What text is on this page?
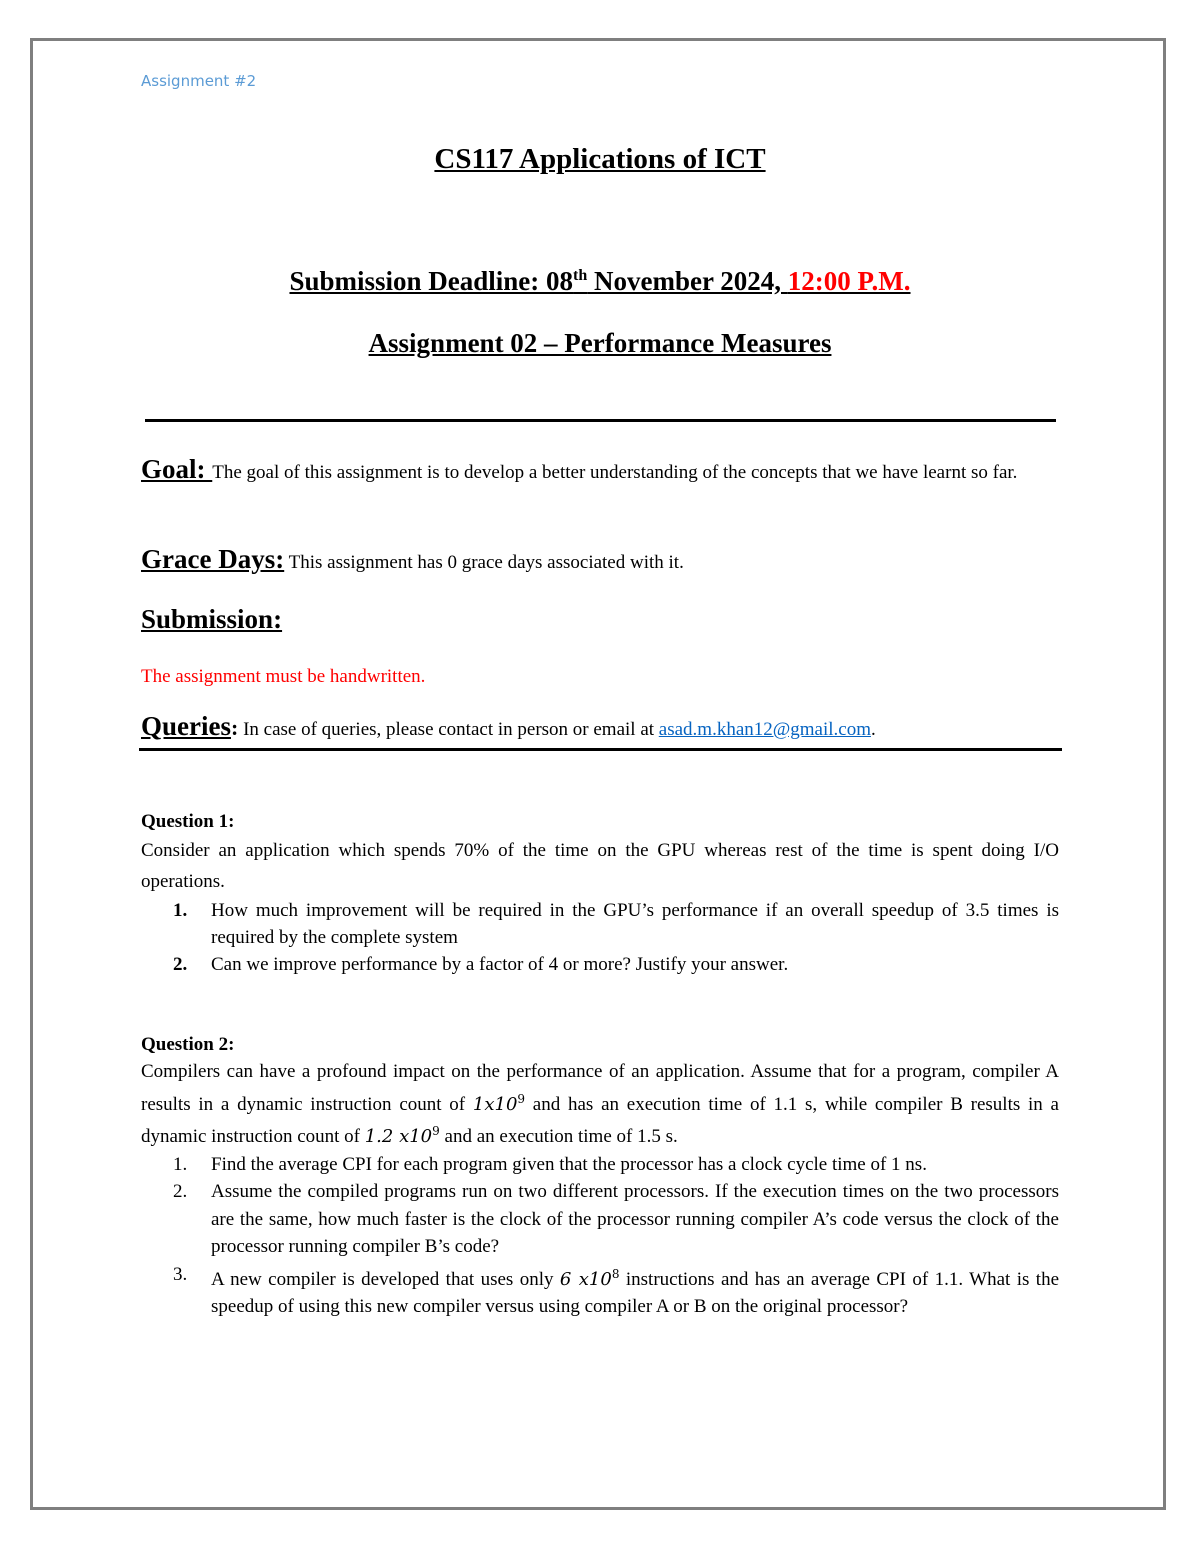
Assignment #2
CS117 Applications of ICT
Submission Deadline: 08th November 2024, 12:00 P.M.
Assignment 02 – Performance Measures
Goal: The goal of this assignment is to develop a better understanding of the concepts that we have learnt so far.
Grace Days: This assignment has 0 grace days associated with it.
Submission:
The assignment must be handwritten.
Queries: In case of queries, please contact in person or email at asad.m.khan12@gmail.com.
Question 1:
Consider an application which spends 70% of the time on the GPU whereas rest of the time is spent doing I/O operations.
1.	How much improvement will be required in the GPU’s performance if an overall speedup of 3.5 times is required by the complete system
2.	Can we improve performance by a factor of 4 or more? Justify your answer.
Question 2:
Compilers can have a profound impact on the performance of an application. Assume that for a program, compiler A results in a dynamic instruction count of $1x10^9$ and has an execution time of 1.1 s, while compiler B results in a dynamic instruction count of 1.2 $x10^9$ and an execution time of 1.5 s.
1.	Find the average CPI for each program given that the processor has a clock cycle time of 1 ns.
2.	Assume the compiled programs run on two different processors. If the execution times on the two processors are the same, how much faster is the clock of the processor running compiler A’s code versus the clock of the processor running compiler B’s code?
3.	A new compiler is developed that uses only 6 $x10^8$ instructions and has an average CPI of 1.1. What is the speedup of using this new compiler versus using compiler A or B on the original processor?
